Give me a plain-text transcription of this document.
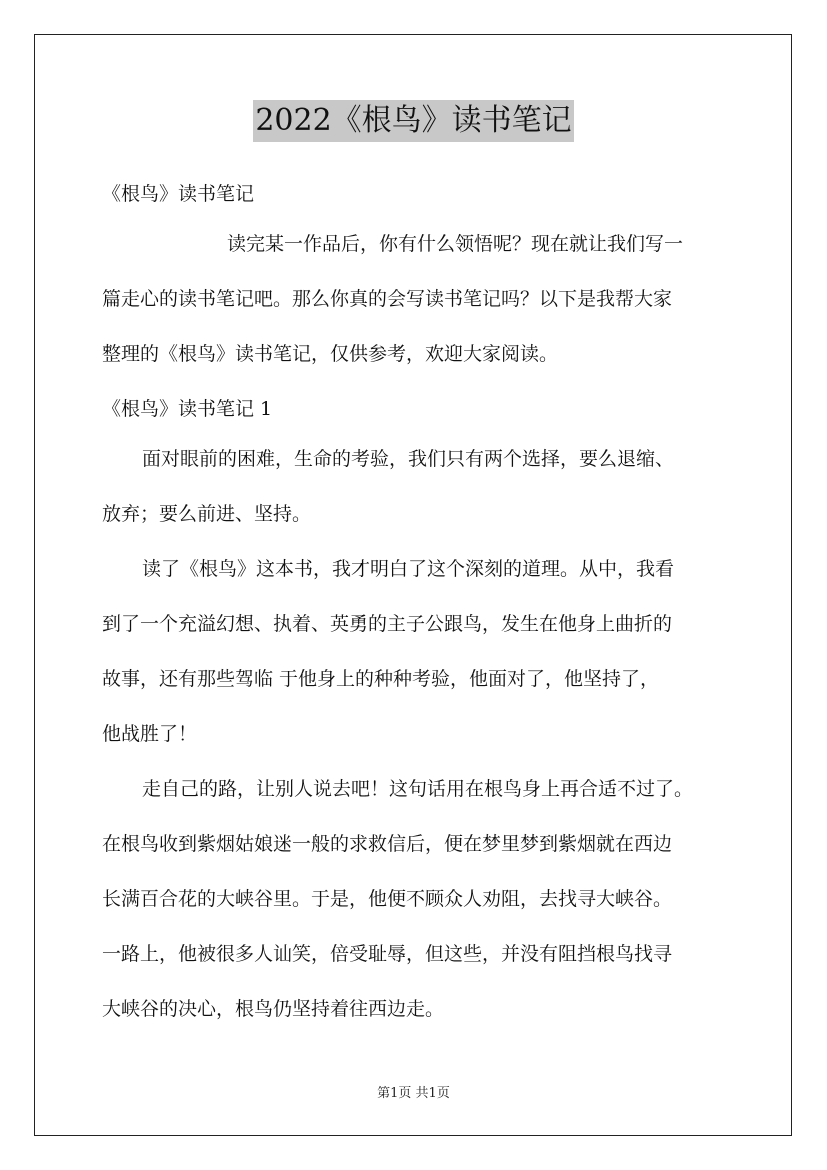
2022《根鸟》读书笔记
《根鸟》读书笔记
读完某一作品后，你有什么领悟呢？现在就让我们写一
篇走心的读书笔记吧。那么你真的会写读书笔记吗？以下是我帮大家
整理的《根鸟》读书笔记，仅供参考，欢迎大家阅读。
《根鸟》读书笔记 1
面对眼前的困难，生命的考验，我们只有两个选择，要么退缩、
放弃；要么前进、坚持。
读了《根鸟》这本书，我才明白了这个深刻的道理。从中，我看
到了一个充溢幻想、执着、英勇的主子公跟鸟，发生在他身上曲折的
故事，还有那些驾临 于他身上的种种考验，他面对了，他坚持了，
他战胜了！
走自己的路，让别人说去吧！这句话用在根鸟身上再合适不过了。
在根鸟收到紫烟姑娘迷一般的求救信后，便在梦里梦到紫烟就在西边
长满百合花的大峡谷里。于是，他便不顾众人劝阻，去找寻大峡谷。
一路上，他被很多人讪笑，倍受耻辱，但这些，并没有阻挡根鸟找寻
大峡谷的决心，根鸟仍坚持着往西边走。
第1页 共1页
